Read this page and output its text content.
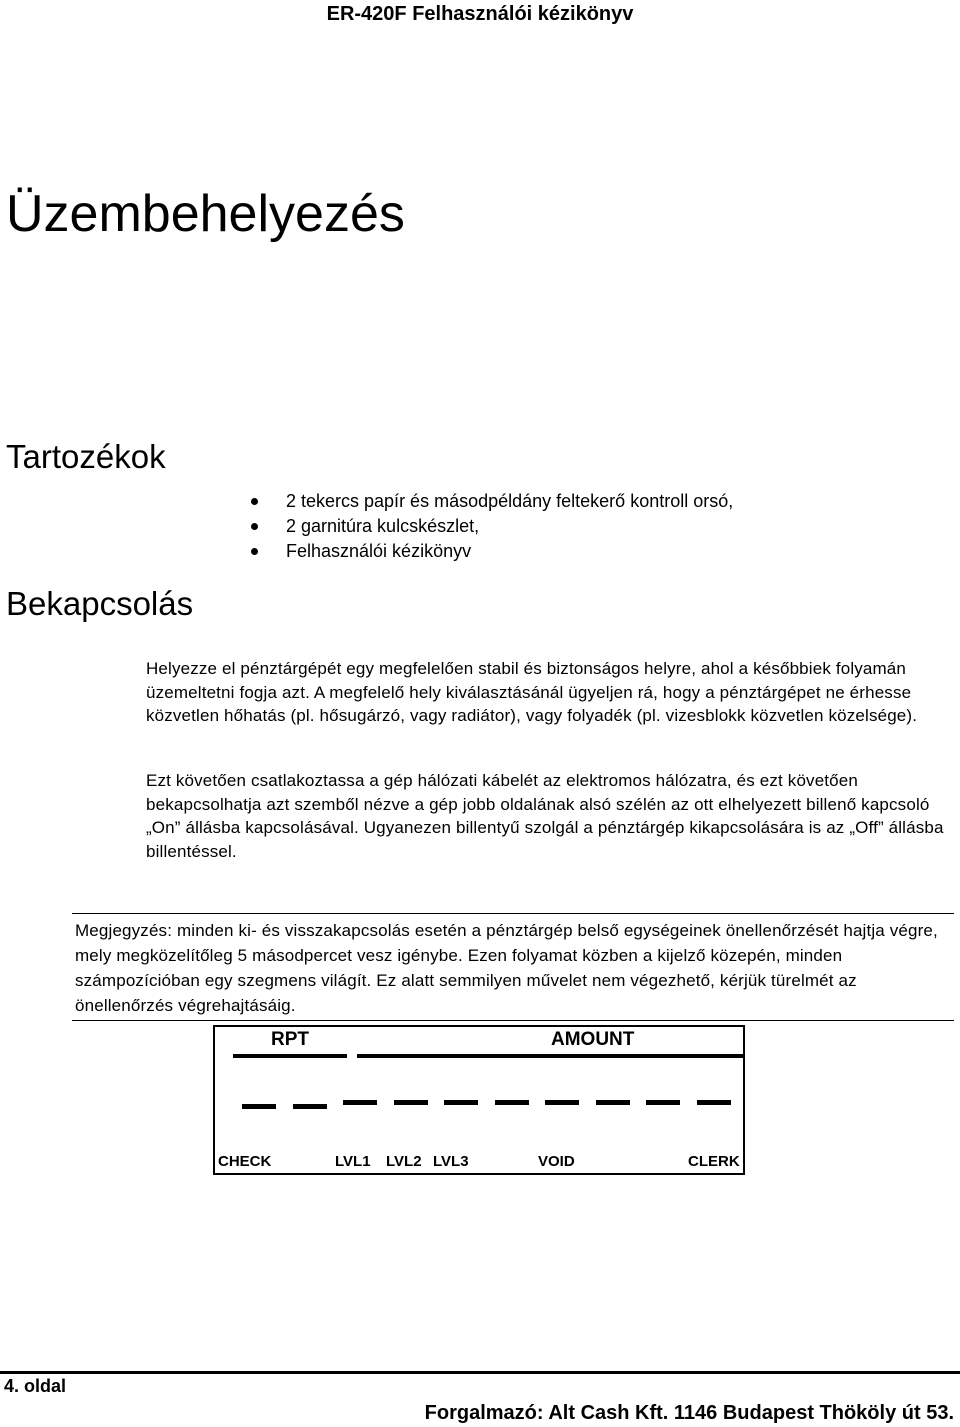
ER-420F Felhasználói kézikönyv
Üzembehelyezés
Tartozékok
2 tekercs papír és másodpéldány feltekerő kontroll orsó,
2 garnitúra kulcskészlet,
Felhasználói kézikönyv
Bekapcsolás
Helyezze el pénztárgépét egy megfelelően stabil és biztonságos helyre, ahol a későbbiek folyamán üzemeltetni fogja azt. A megfelelő hely kiválasztásánál ügyeljen rá, hogy a pénztárgépet ne érhesse közvetlen hőhatás (pl. hősugárzó, vagy radiátor), vagy folyadék (pl. vizesblokk közvetlen közelsége).
Ezt követően csatlakoztassa a gép hálózati kábelét az elektromos hálózatra, és ezt követően bekapcsolhatja azt szemből nézve a gép jobb oldalának alsó szélén az ott elhelyezett billenő kapcsoló „On” állásba kapcsolásával. Ugyanezen billentyű szolgál a pénztárgép kikapcsolására is az „Off” állásba billentéssel.
Megjegyzés: minden ki- és visszakapcsolás esetén a pénztárgép belső egységeinek önellenőrzését hajtja végre, mely megközelítőleg 5 másodpercet vesz igénybe. Ezen folyamat közben a kijelző közepén, minden számpozícióban egy szegmens világít. Ez alatt semmilyen művelet nem végezhető, kérjük türelmét az önellenőrzés végrehajtásáig.
RPT	AMOUNT
CHECK	LVL1 LVL2 LVL3	VOID	CLERK
4. oldal
Forgalmazó: Alt Cash Kft. 1146 Budapest Thököly út 53.
